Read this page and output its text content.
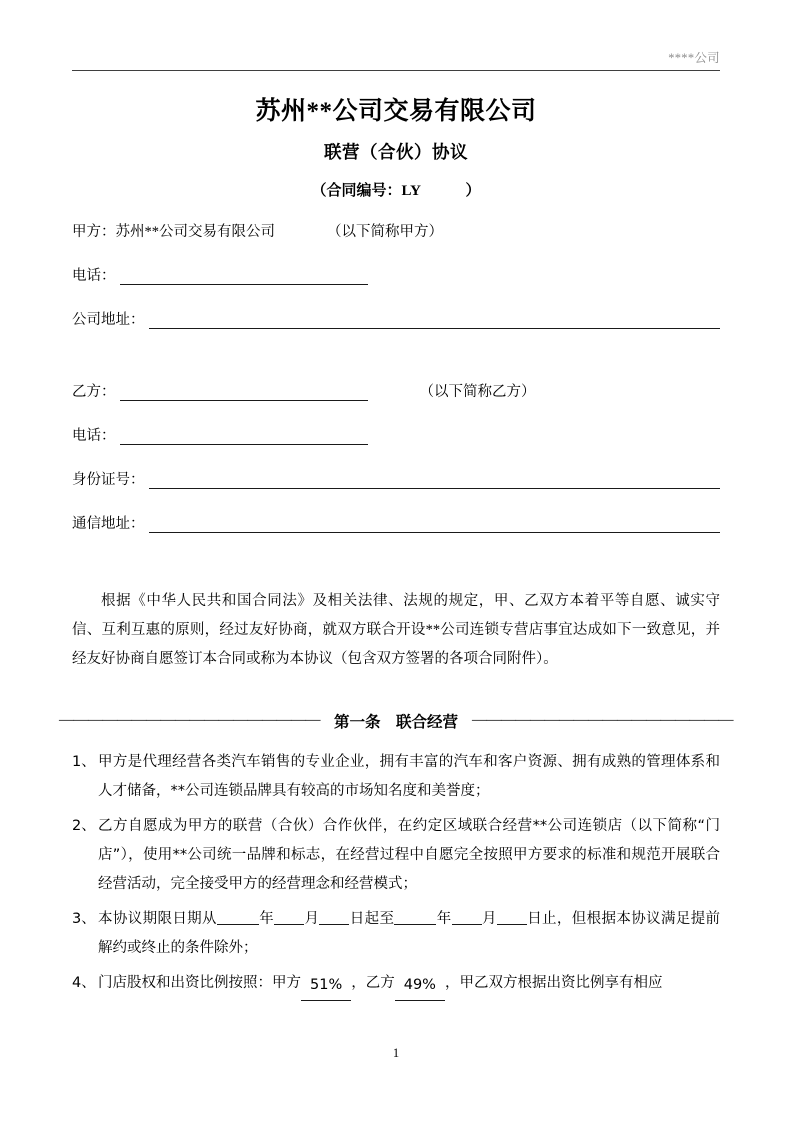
****公司
苏州**公司交易有限公司
联营（合伙）协议
（合同编号：LY            ）
甲方： 苏州**公司交易有限公司	（以下简称甲方）
电话：
公司地址：
乙方：	（以下简称乙方）
电话：
身份证号：
通信地址：

根据《中华人民共和国合同法》及相关法律、法规的规定，甲、乙双方本着平等自愿、诚实守信、互利互惠的原则，经过友好协商，就双方联合开设**公司连锁专营店事宜达成如下一致意见，并经友好协商自愿签订本合同或称为本协议（包含双方签署的各项合同附件）。

—————————————————— 第一条　联合经营 ——————————————————
1、 甲方是代理经营各类汽车销售的专业企业，拥有丰富的汽车和客户资源、拥有成熟的管理体系和人才储备，**公司连锁品牌具有较高的市场知名度和美誉度；
2、 乙方自愿成为甲方的联营（合伙）合作伙伴，在约定区域联合经营**公司连锁店（以下简称“门店”），使用**公司统一品牌和标志，在经营过程中自愿完全按照甲方要求的标准和规范开展联合经营活动，完全接受甲方的经营理念和经营模式；
3、 本协议期限日期从	年 月 日起至	年 月 日止，但根据本协议满足提前解约或终止的条件除外；
4、 门店股权和出资比例按照：甲方 51% ，乙方 49% ，甲乙双方根据出资比例享有相应
1
